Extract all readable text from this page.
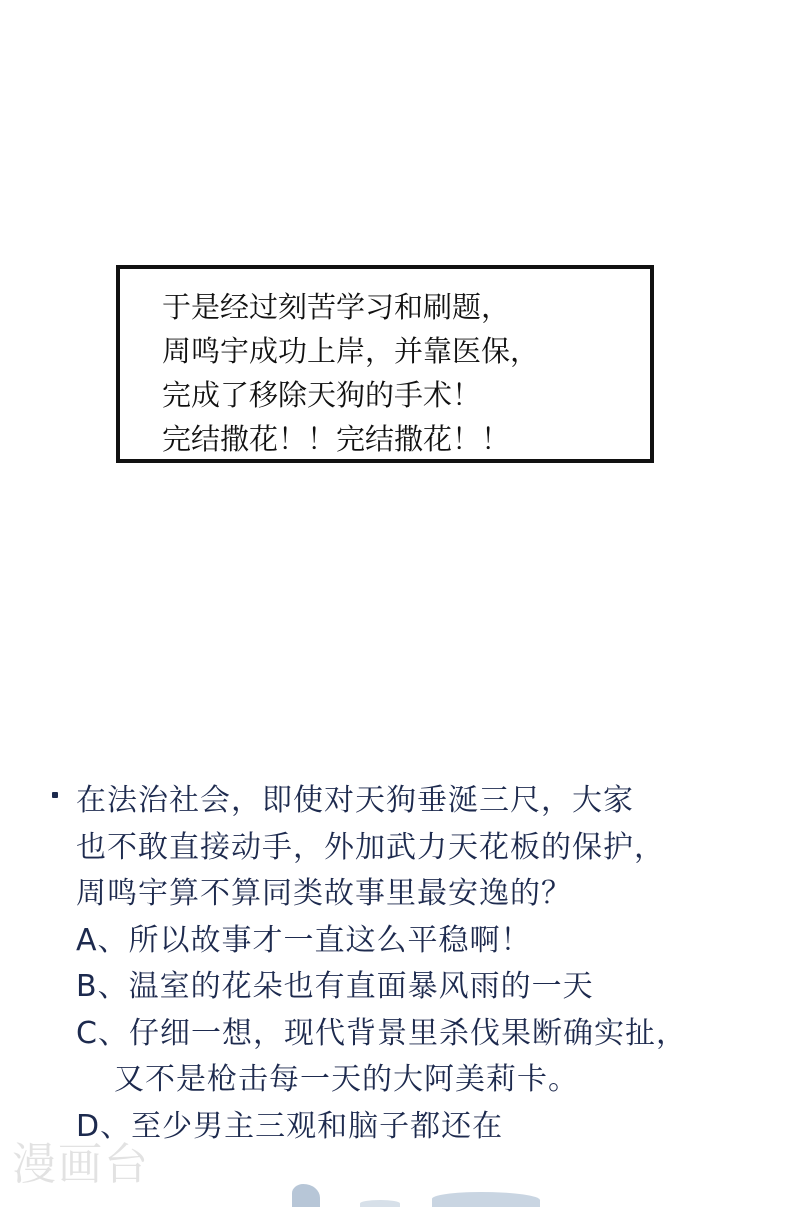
于是经过刻苦学习和刷题，
周鸣宇成功上岸，并靠医保，
完成了移除天狗的手术！
完结撒花！！完结撒花！！
漫画台
在法治社会，即使对天狗垂涎三尺，大家
也不敢直接动手，外加武力天花板的保护，
周鸣宇算不算同类故事里最安逸的？
A、所以故事才一直这么平稳啊！
B、温室的花朵也有直面暴风雨的一天
C、仔细一想，现代背景里杀伐果断确实扯，
又不是枪击每一天的大阿美莉卡。
D、至少男主三观和脑子都还在
